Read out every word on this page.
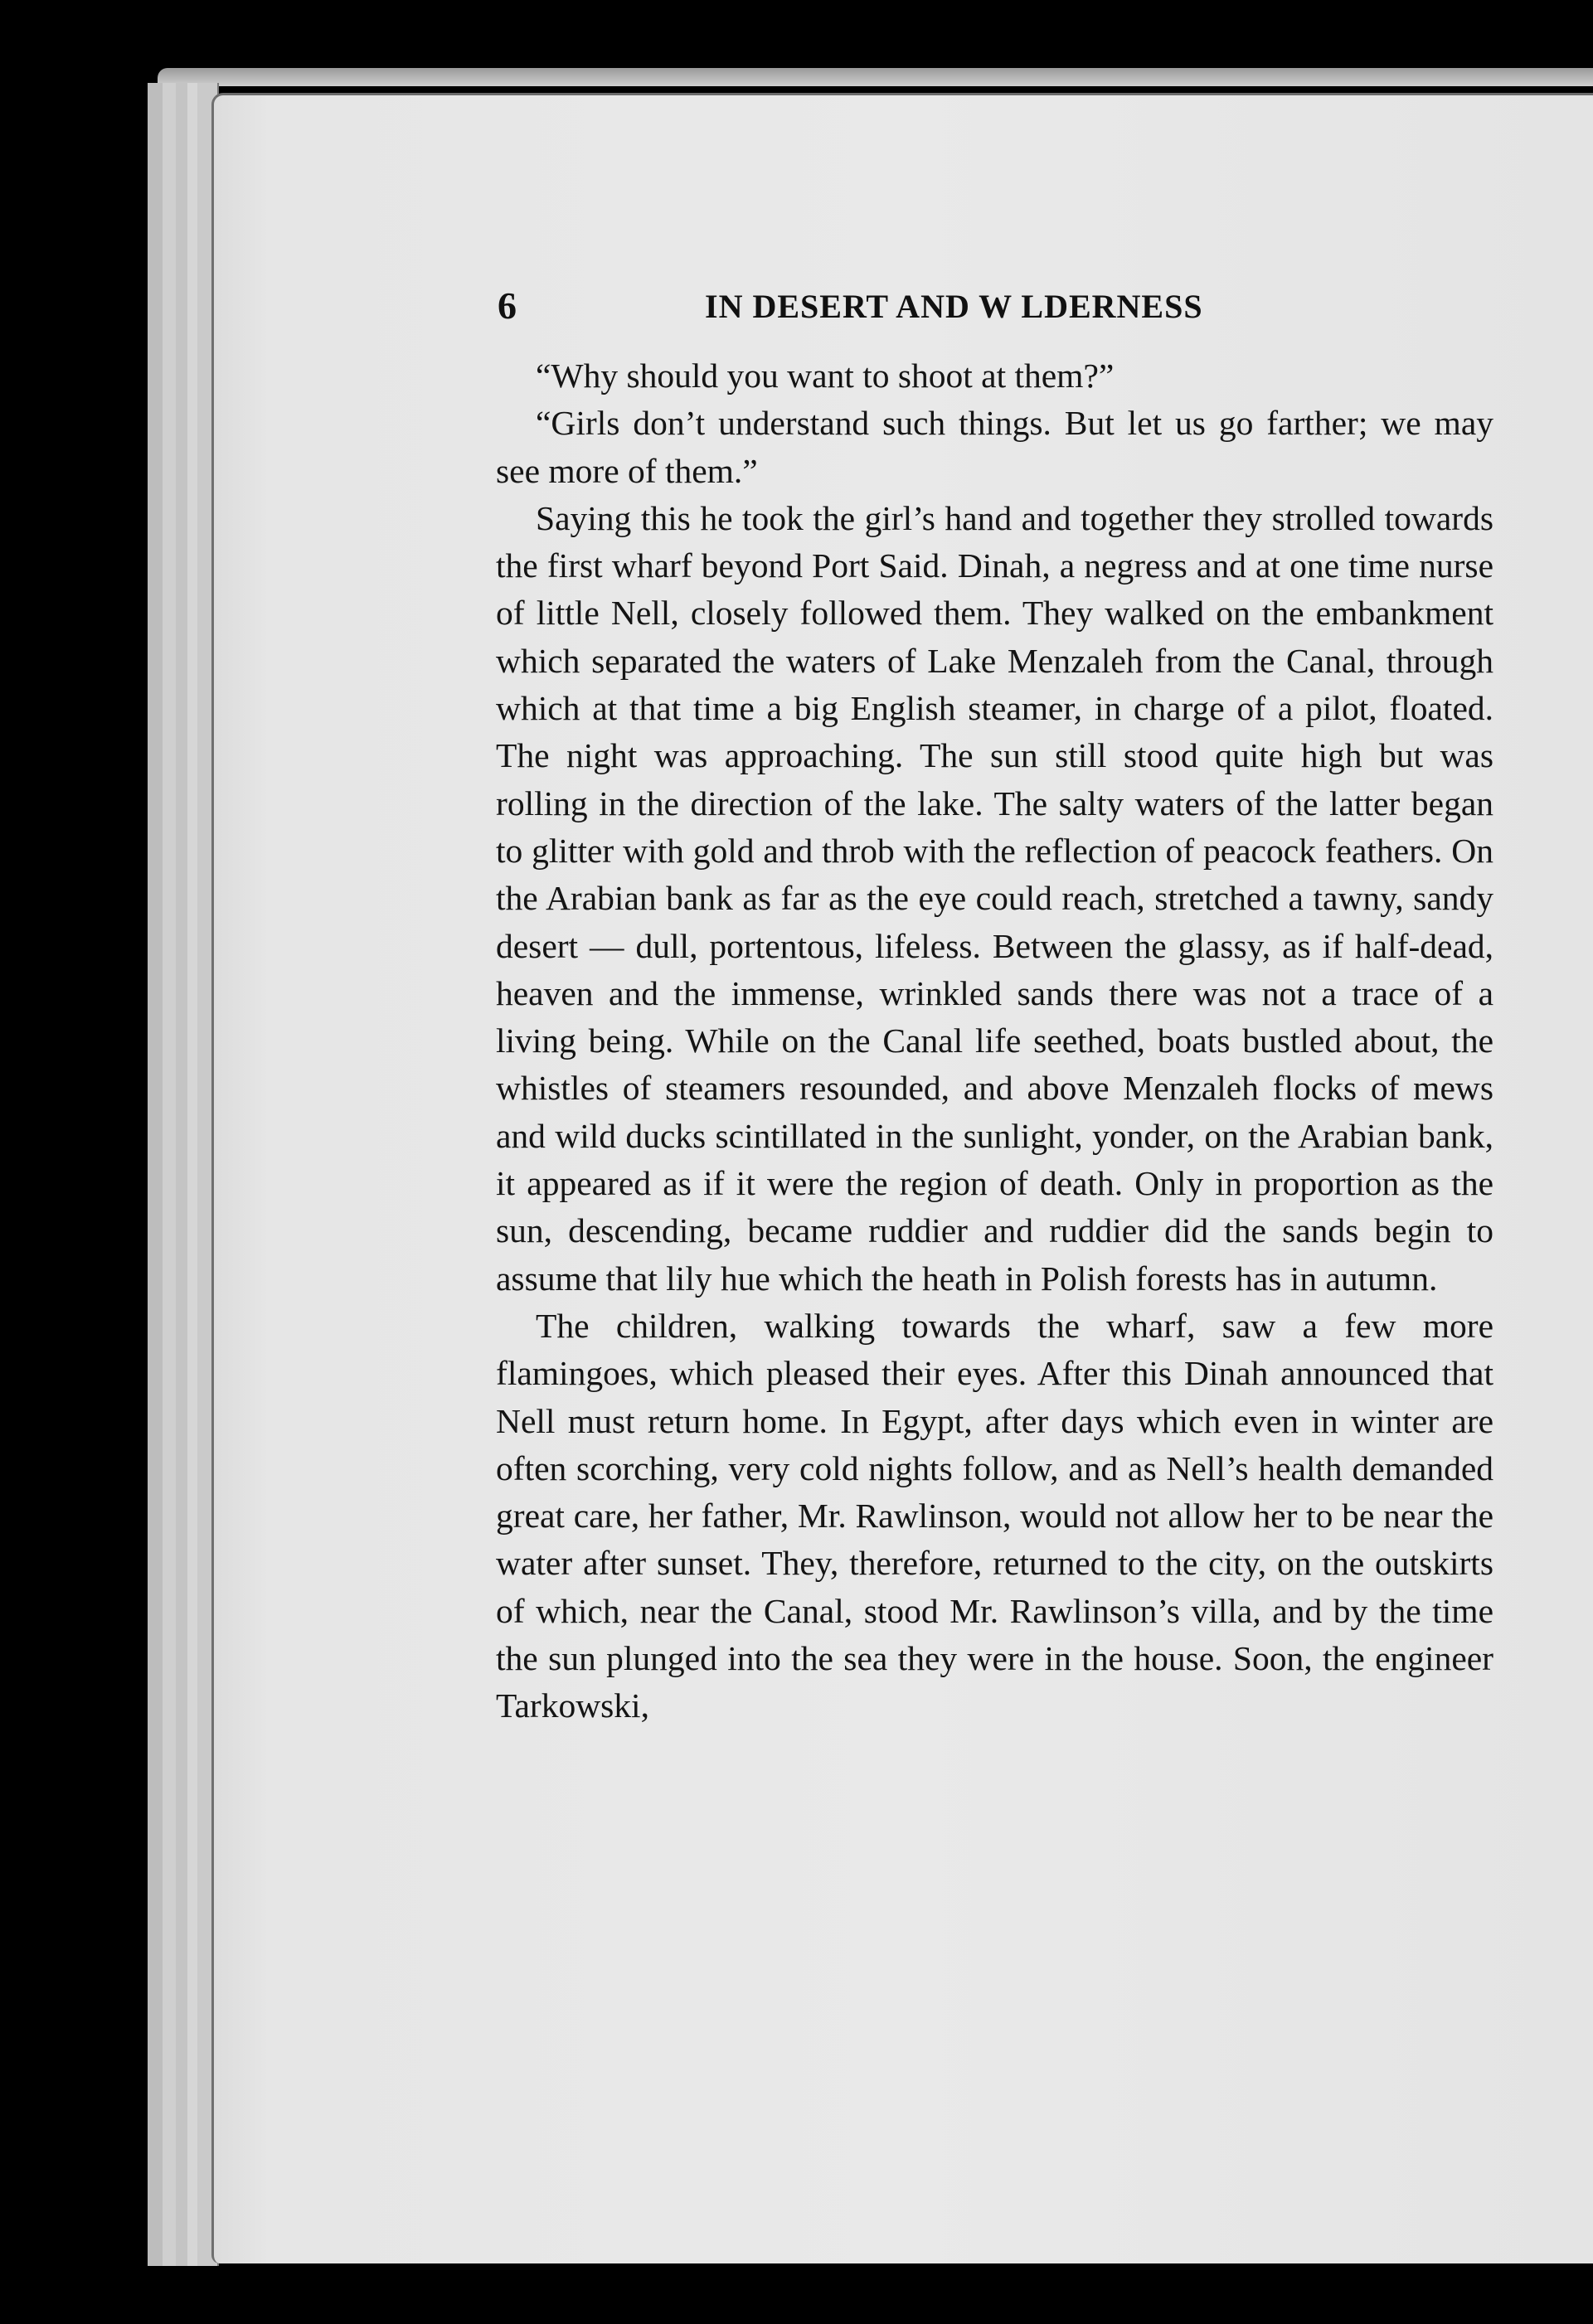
6	IN DESERT AND W LDERNESS

“Why should you want to shoot at them?”

“Girls don’t understand such things. But let us go farther; we may see more of them.”

Saying this he took the girl’s hand and together they strolled towards the first wharf beyond Port Said. Dinah, a negress and at one time nurse of little Nell, closely followed them. They walked on the embankment which separated the waters of Lake Menzaleh from the Canal, through which at that time a big English steamer, in charge of a pilot, floated. The night was approaching. The sun still stood quite high but was rolling in the direction of the lake. The salty waters of the latter began to glitter with gold and throb with the reflection of peacock feathers. On the Arabian bank as far as the eye could reach, stretched a tawny, sandy desert — dull, portentous, lifeless. Between the glassy, as if half-dead, heaven and the immense, wrinkled sands there was not a trace of a living being. While on the Canal life seethed, boats bustled about, the whistles of steamers resounded, and above Menzaleh flocks of mews and wild ducks scintillated in the sunlight, yonder, on the Arabian bank, it appeared as if it were the region of death. Only in proportion as the sun, descending, became ruddier and ruddier did the sands begin to assume that lily hue which the heath in Polish forests has in autumn.

The children, walking towards the wharf, saw a few more flamingoes, which pleased their eyes. After this Dinah announced that Nell must return home. In Egypt, after days which even in winter are often scorching, very cold nights follow, and as Nell’s health demanded great care, her father, Mr. Rawlinson, would not allow her to be near the water after sunset. They, therefore, returned to the city, on the outskirts of which, near the Canal, stood Mr. Rawlinson’s villa, and by the time the sun plunged into the sea they were in the house. Soon, the engineer Tarkowski,
